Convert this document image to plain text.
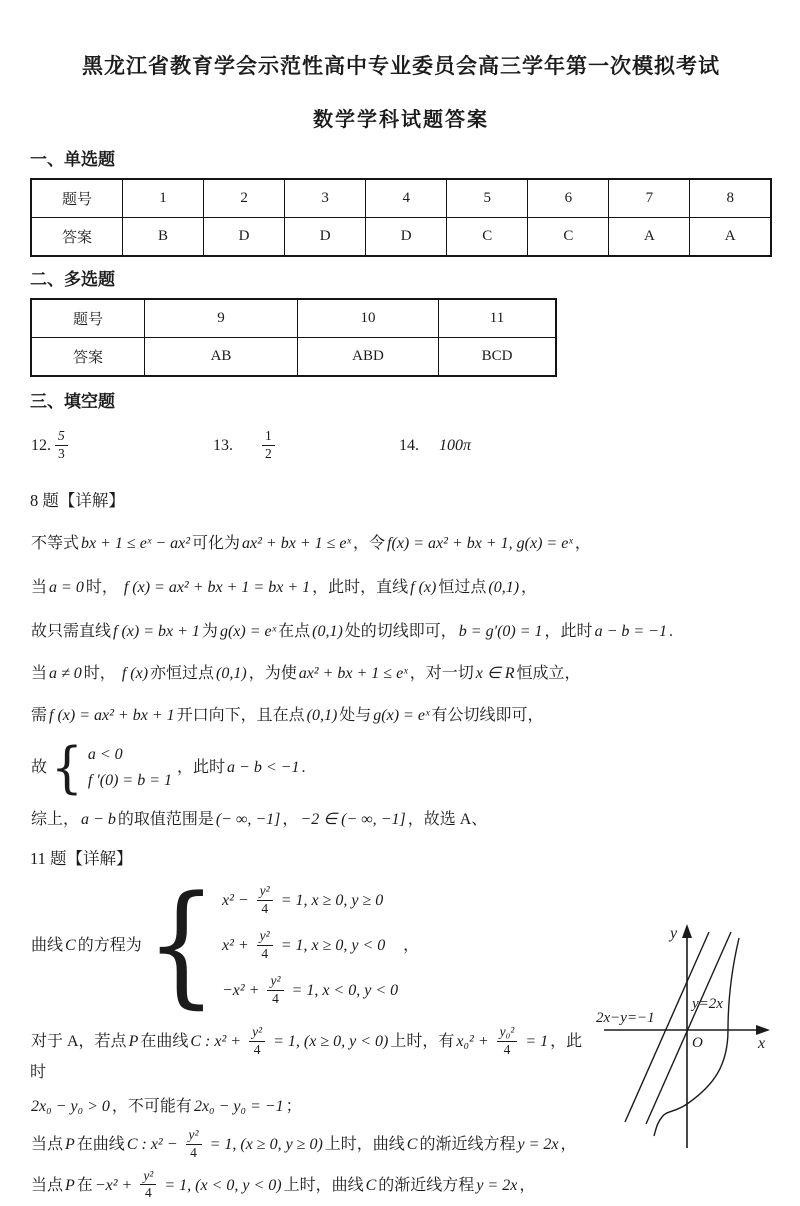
黑龙江省教育学会示范性高中专业委员会高三学年第一次模拟考试
数学学科试题答案
一、单选题
题号	1	2	3	4	5	6	7	8
答案	B	D	D	D	C	C	A	A
二、多选题
题号	9	10	11
答案	AB	ABD	BCD
三、填空题
12. $\frac{5}{3}$	13. $\frac{1}{2}$	14. 100π
8 题【详解】
不等式 bx + 1 ≤ eˣ − ax² 可化为 ax² + bx + 1 ≤ eˣ ，令 f(x) = ax² + bx + 1, g(x) = eˣ ，
当 a = 0 时， f (x) = ax² + bx + 1 = bx + 1 ，此时，直线 f (x) 恒过点 (0,1) ，
故只需直线 f (x) = bx + 1 为 g(x) = eˣ 在点 (0,1) 处的切线即可， b = g′(0) = 1 ，此时 a − b = −1 .
当 a ≠ 0 时， f (x) 亦恒过点 (0,1) ，为使 ax² + bx + 1 ≤ eˣ ，对一切 x ∈ R 恒成立，
需 f (x) = ax² + bx + 1 开口向下，且在点 (0,1) 处与 g(x) = eˣ 有公切线即可，
故 { a < 0
f ′(0) = b = 1
，此时 a − b < −1 .
综上， a − b 的取值范围是 (− ∞, −1] ， −2 ∈ (− ∞, −1] ，故选 A、
11 题【详解】
曲线 C 的方程为 { $x^2 - \frac{\text{y²}}{4} = 1$, x ≥ 0, y ≥ 0
$x^2 + \frac{\text{y²}}{4} = 1$, x ≥ 0, y < 0
$-x^2 + \frac{\text{y²}}{4} = 1$, x < 0, y < 0
，
对于 A，若点 P 在曲线 C : $x^2 + \frac{\text{y²}}{4} = 1$, (x ≥ 0, y < 0) 上时，有 $x_0^2 + \frac{\text{y₀²}}{4} = 1$ ，此时
2x₀ − y₀ > 0 ，不可能有 2x₀ − y₀ = −1 ；
当点 P 在曲线 C : $x^2 - \frac{\text{y²}}{4} = 1$, (x ≥ 0, y ≥ 0) 上时，曲线 C 的渐近线方程 y = 2x ，
当点 P 在 $-x^2 + \frac{\text{y²}}{4} = 1$, (x < 0, y < 0) 上时，曲线 C 的渐近线方程 y = 2x ，
y
x
O
y=2x
2x−y=−1
